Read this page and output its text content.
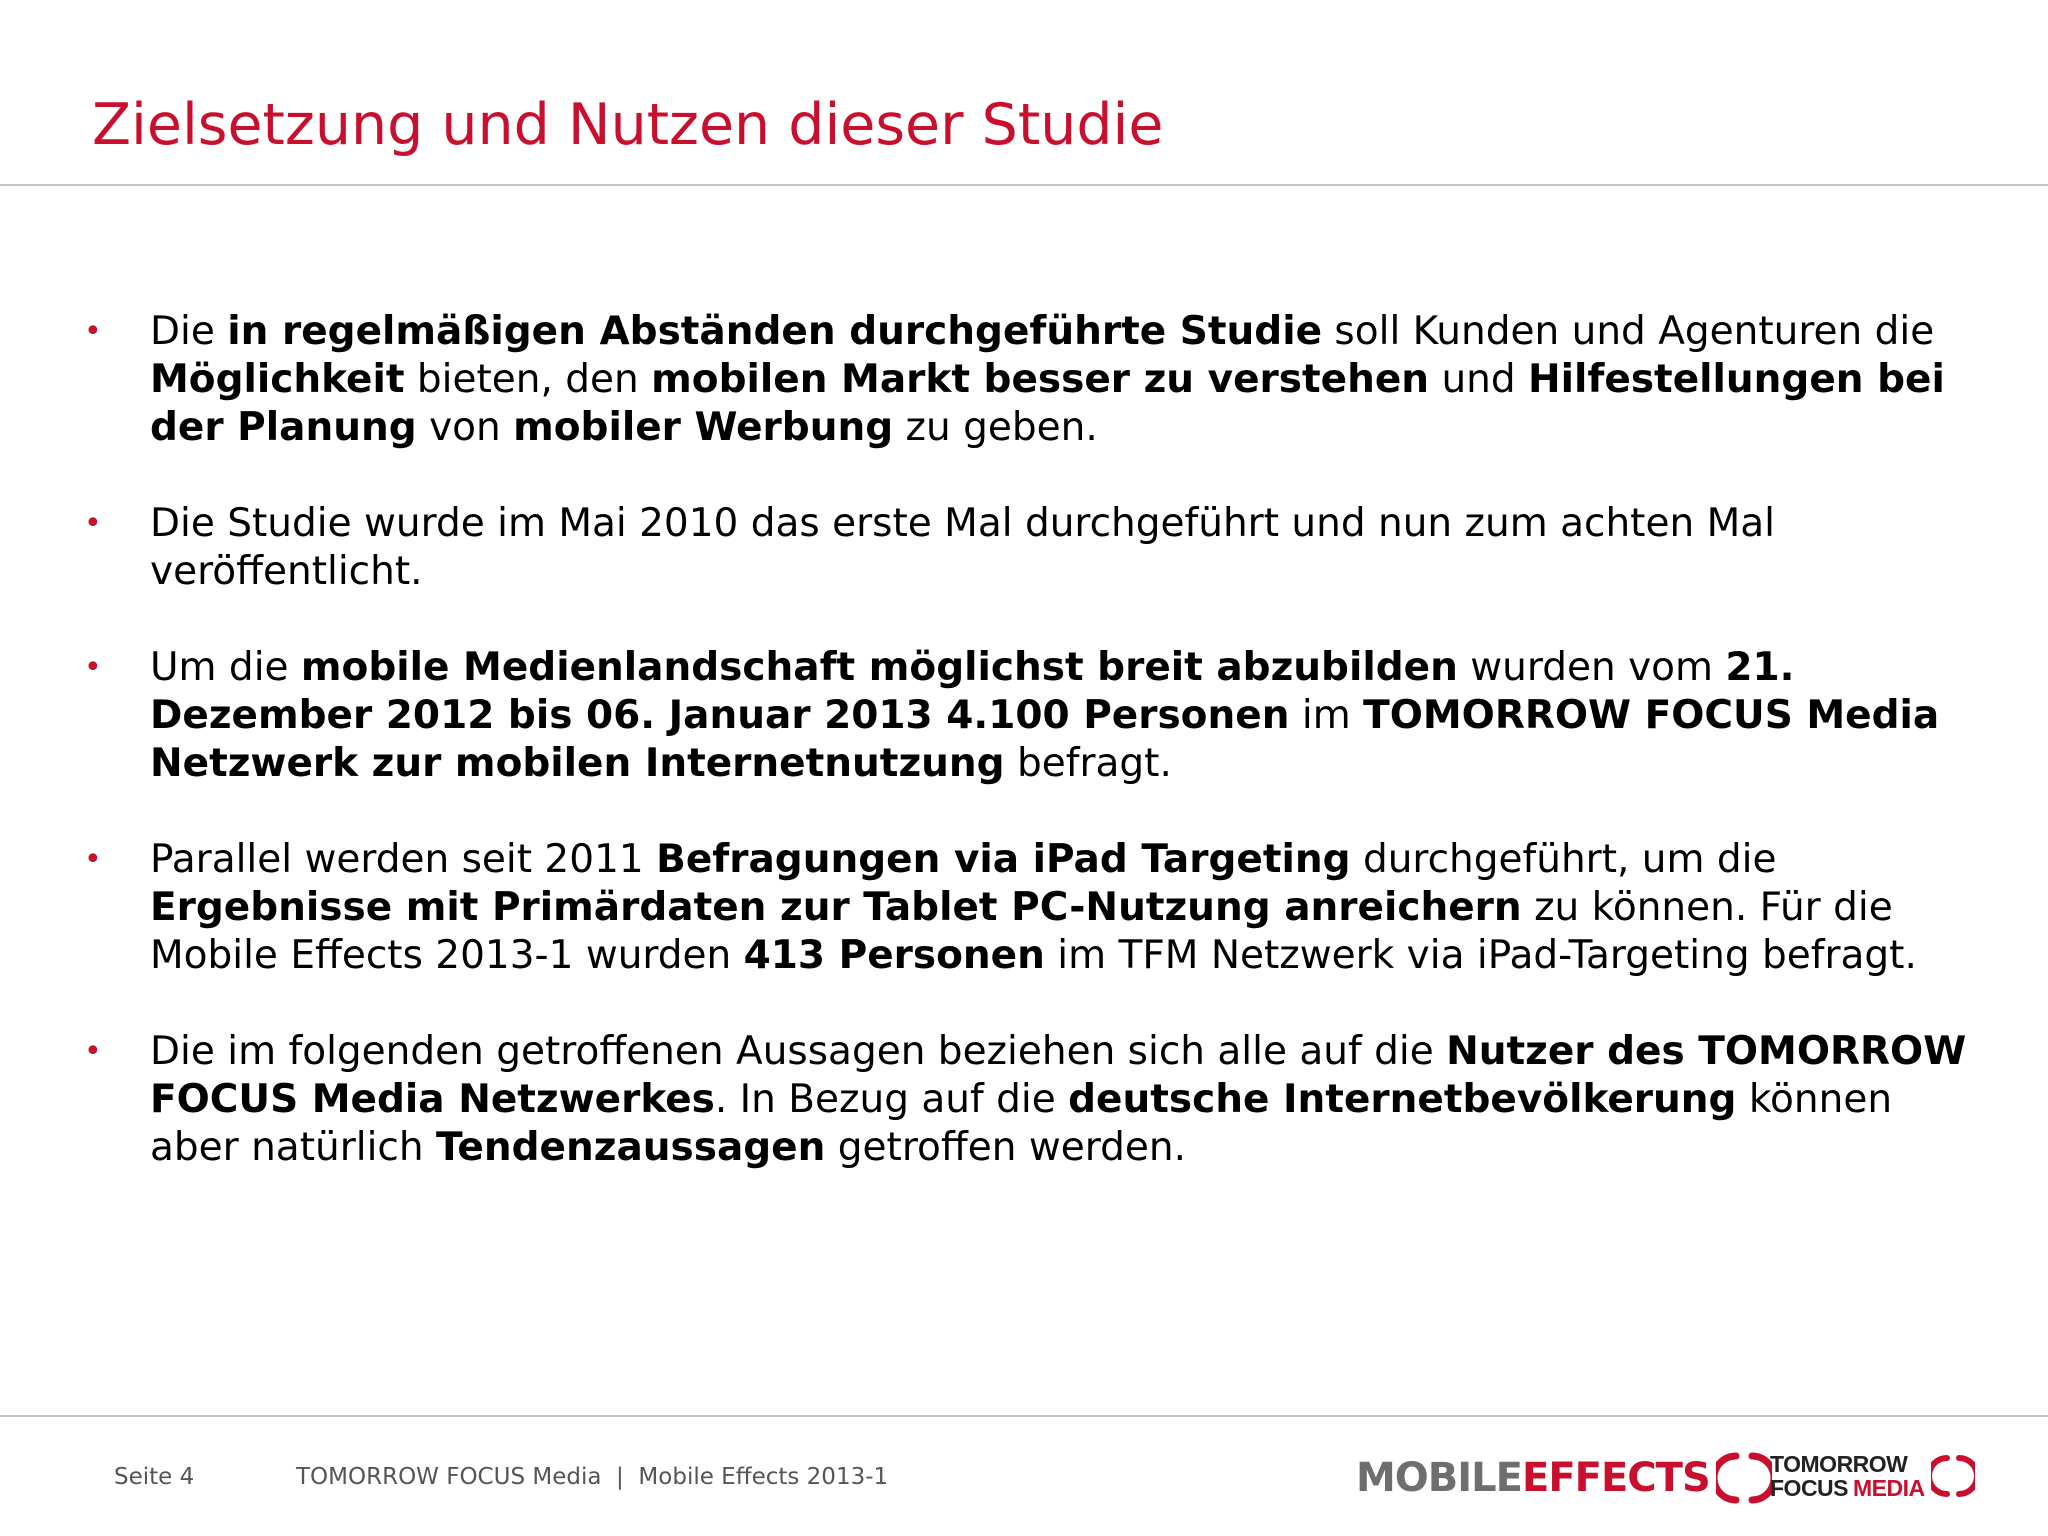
Zielsetzung und Nutzen dieser Studie
• Die in regelmäßigen Abständen durchgeführte Studie soll Kunden und Agenturen die Möglichkeit bieten, den mobilen Markt besser zu verstehen und Hilfestellungen bei der Planung von mobiler Werbung zu geben.
• Die Studie wurde im Mai 2010 das erste Mal durchgeführt und nun zum achten Mal veröffentlicht.
• Um die mobile Medienlandschaft möglichst breit abzubilden wurden vom 21. Dezember 2012 bis 06. Januar 2013 4.100 Personen im TOMORROW FOCUS Media Netzwerk zur mobilen Internetnutzung befragt.
• Parallel werden seit 2011 Befragungen via iPad Targeting durchgeführt, um die Ergebnisse mit Primärdaten zur Tablet PC-Nutzung anreichern zu können. Für die Mobile Effects 2013-1 wurden 413 Personen im TFM Netzwerk via iPad-Targeting befragt.
• Die im folgenden getroffenen Aussagen beziehen sich alle auf die Nutzer des TOMORROW FOCUS Media Netzwerkes. In Bezug auf die deutsche Internetbevölkerung können aber natürlich Tendenzaussagen getroffen werden.
Seite 4	TOMORROW FOCUS Media  |  Mobile Effects 2013-1	MOBILE EFFECTS	TOMORROW
FOCUS MEDIA
